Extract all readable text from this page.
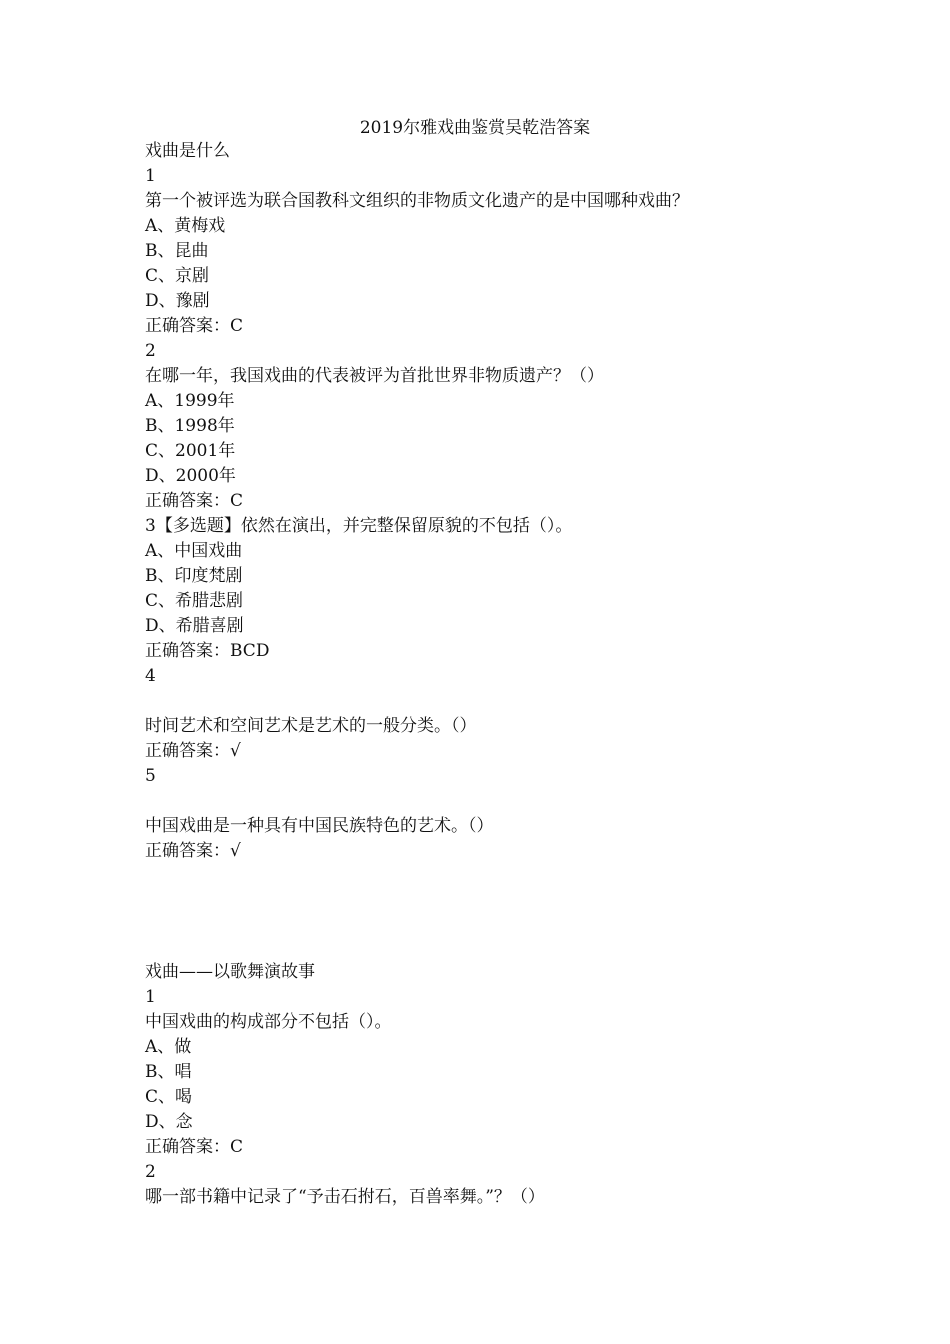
2019尔雅戏曲鉴赏吴乾浩答案
戏曲是什么
1
第一个被评选为联合国教科文组织的非物质文化遗产的是中国哪种戏曲？
A、黄梅戏
B、昆曲
C、京剧
D、豫剧
正确答案：C
2
在哪一年，我国戏曲的代表被评为首批世界非物质遗产？（）
A、1999年
B、1998年
C、2001年
D、2000年
正确答案：C
3【多选题】依然在演出，并完整保留原貌的不包括（）。
A、中国戏曲
B、印度梵剧
C、希腊悲剧
D、希腊喜剧
正确答案：BCD
4
时间艺术和空间艺术是艺术的一般分类。（）
正确答案：√
5
中国戏曲是一种具有中国民族特色的艺术。（）
正确答案：√
戏曲——以歌舞演故事
1
中国戏曲的构成部分不包括（）。
A、做
B、唱
C、喝
D、念
正确答案：C
2
哪一部书籍中记录了“予击石拊石，百兽率舞。”？（）
